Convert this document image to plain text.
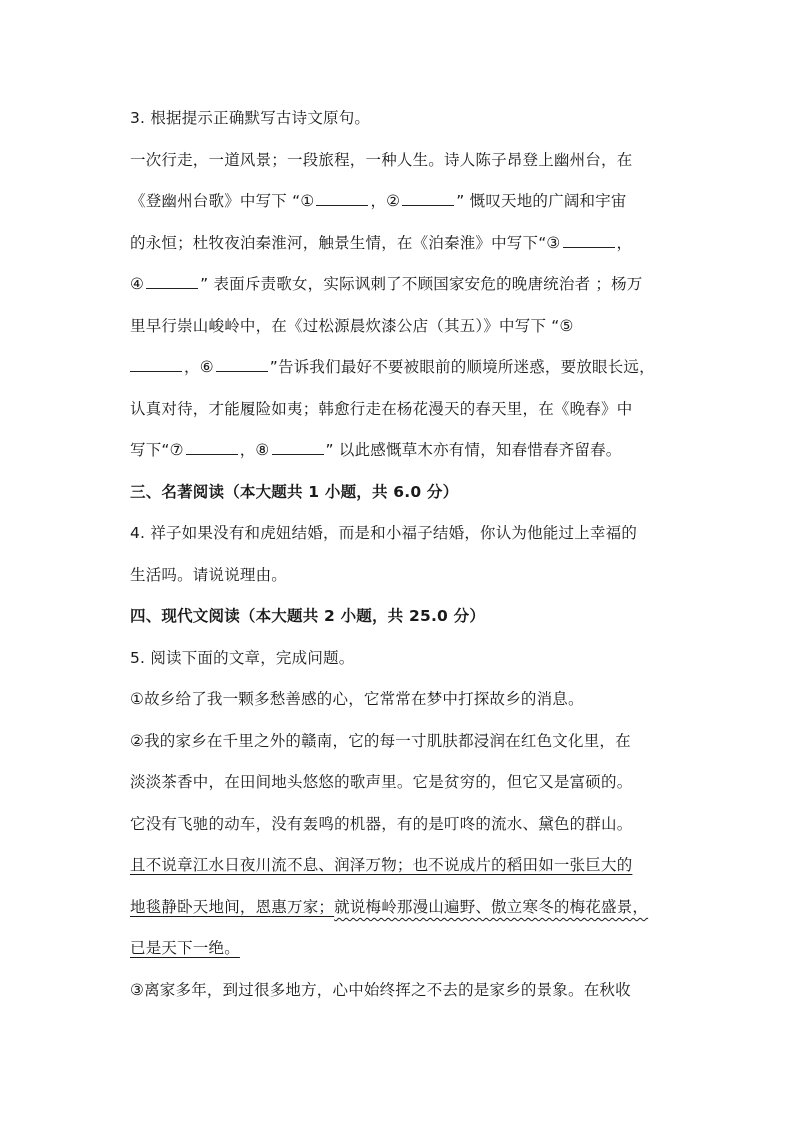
3. 根据提示正确默写古诗文原句。
一次行走，一道风景；一段旅程，一种人生。诗人陈子昂登上幽州台，在
《登幽州台歌》中写下 “①	，②	” 慨叹天地的广阔和宇宙
的永恒；杜牧夜泊秦淮河，触景生情，在《泊秦淮》中写下“③	，
④	” 表面斥责歌女，实际讽刺了不顾国家安危的晚唐统治者 ；杨万
里早行崇山峻岭中，在《过松源晨炊漆公店（其五）》中写下 “⑤
，⑥	”告诉我们最好不要被眼前的顺境所迷惑，要放眼长远，
认真对待，才能履险如夷；韩愈行走在杨花漫天的春天里，在《晚春》中
写下“⑦	，⑧	” 以此感慨草木亦有情，知春惜春齐留春。
三、名著阅读（本大题共 1 小题，共 6.0 分）
4. 祥子如果没有和虎妞结婚，而是和小福子结婚，你认为他能过上幸福的
生活吗。请说说理由。
四、现代文阅读（本大题共 2 小题，共 25.0 分）
5. 阅读下面的文章，完成问题。
①故乡给了我一颗多愁善感的心，它常常在梦中打探故乡的消息。
②我的家乡在千里之外的赣南，它的每一寸肌肤都浸润在红色文化里，在
淡淡茶香中，在田间地头悠悠的歌声里。它是贫穷的，但它又是富硕的。
它没有飞驰的动车，没有轰鸣的机器，有的是叮咚的流水、黛色的群山。
且不说章江水日夜川流不息、润泽万物；也不说成片的稻田如一张巨大的
地毯静卧天地间，恩惠万家；就说梅岭那漫山遍野、傲立寒冬的梅花盛景，
已是天下一绝。
③离家多年，到过很多地方，心中始终挥之不去的是家乡的景象。在秋收
